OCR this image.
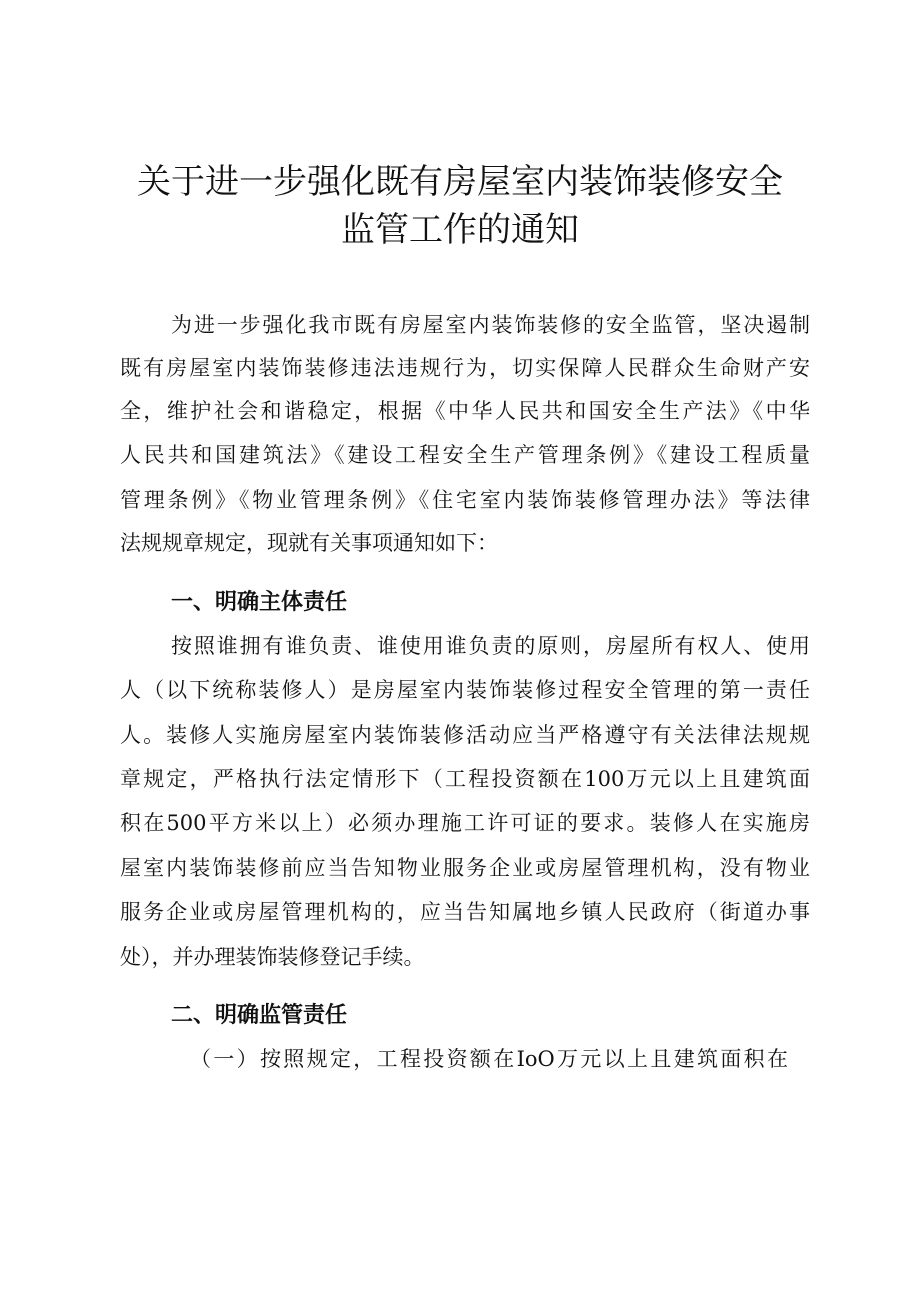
关于进一步强化既有房屋室内装饰装修安全
监管工作的通知

为进一步强化我市既有房屋室内装饰装修的安全监管，坚决遏制

既有房屋室内装饰装修违法违规行为，切实保障人民群众生命财产安

全，维护社会和谐稳定，根据《中华人民共和国安全生产法》《中华

人民共和国建筑法》《建设工程安全生产管理条例》《建设工程质量

管理条例》《物业管理条例》《住宅室内装饰装修管理办法》等法律

法规规章规定，现就有关事项通知如下：

一、明确主体责任

按照谁拥有谁负责、谁使用谁负责的原则，房屋所有权人、使用

人（以下统称装修人）是房屋室内装饰装修过程安全管理的第一责任

人。装修人实施房屋室内装饰装修活动应当严格遵守有关法律法规规

章规定，严格执行法定情形下（工程投资额在100万元以上且建筑面

积在500平方米以上）必须办理施工许可证的要求。装修人在实施房

屋室内装饰装修前应当告知物业服务企业或房屋管理机构，没有物业

服务企业或房屋管理机构的，应当告知属地乡镇人民政府（街道办事

处），并办理装饰装修登记手续。

二、明确监管责任

（一）按照规定，工程投资额在IoO万元以上且建筑面积在
